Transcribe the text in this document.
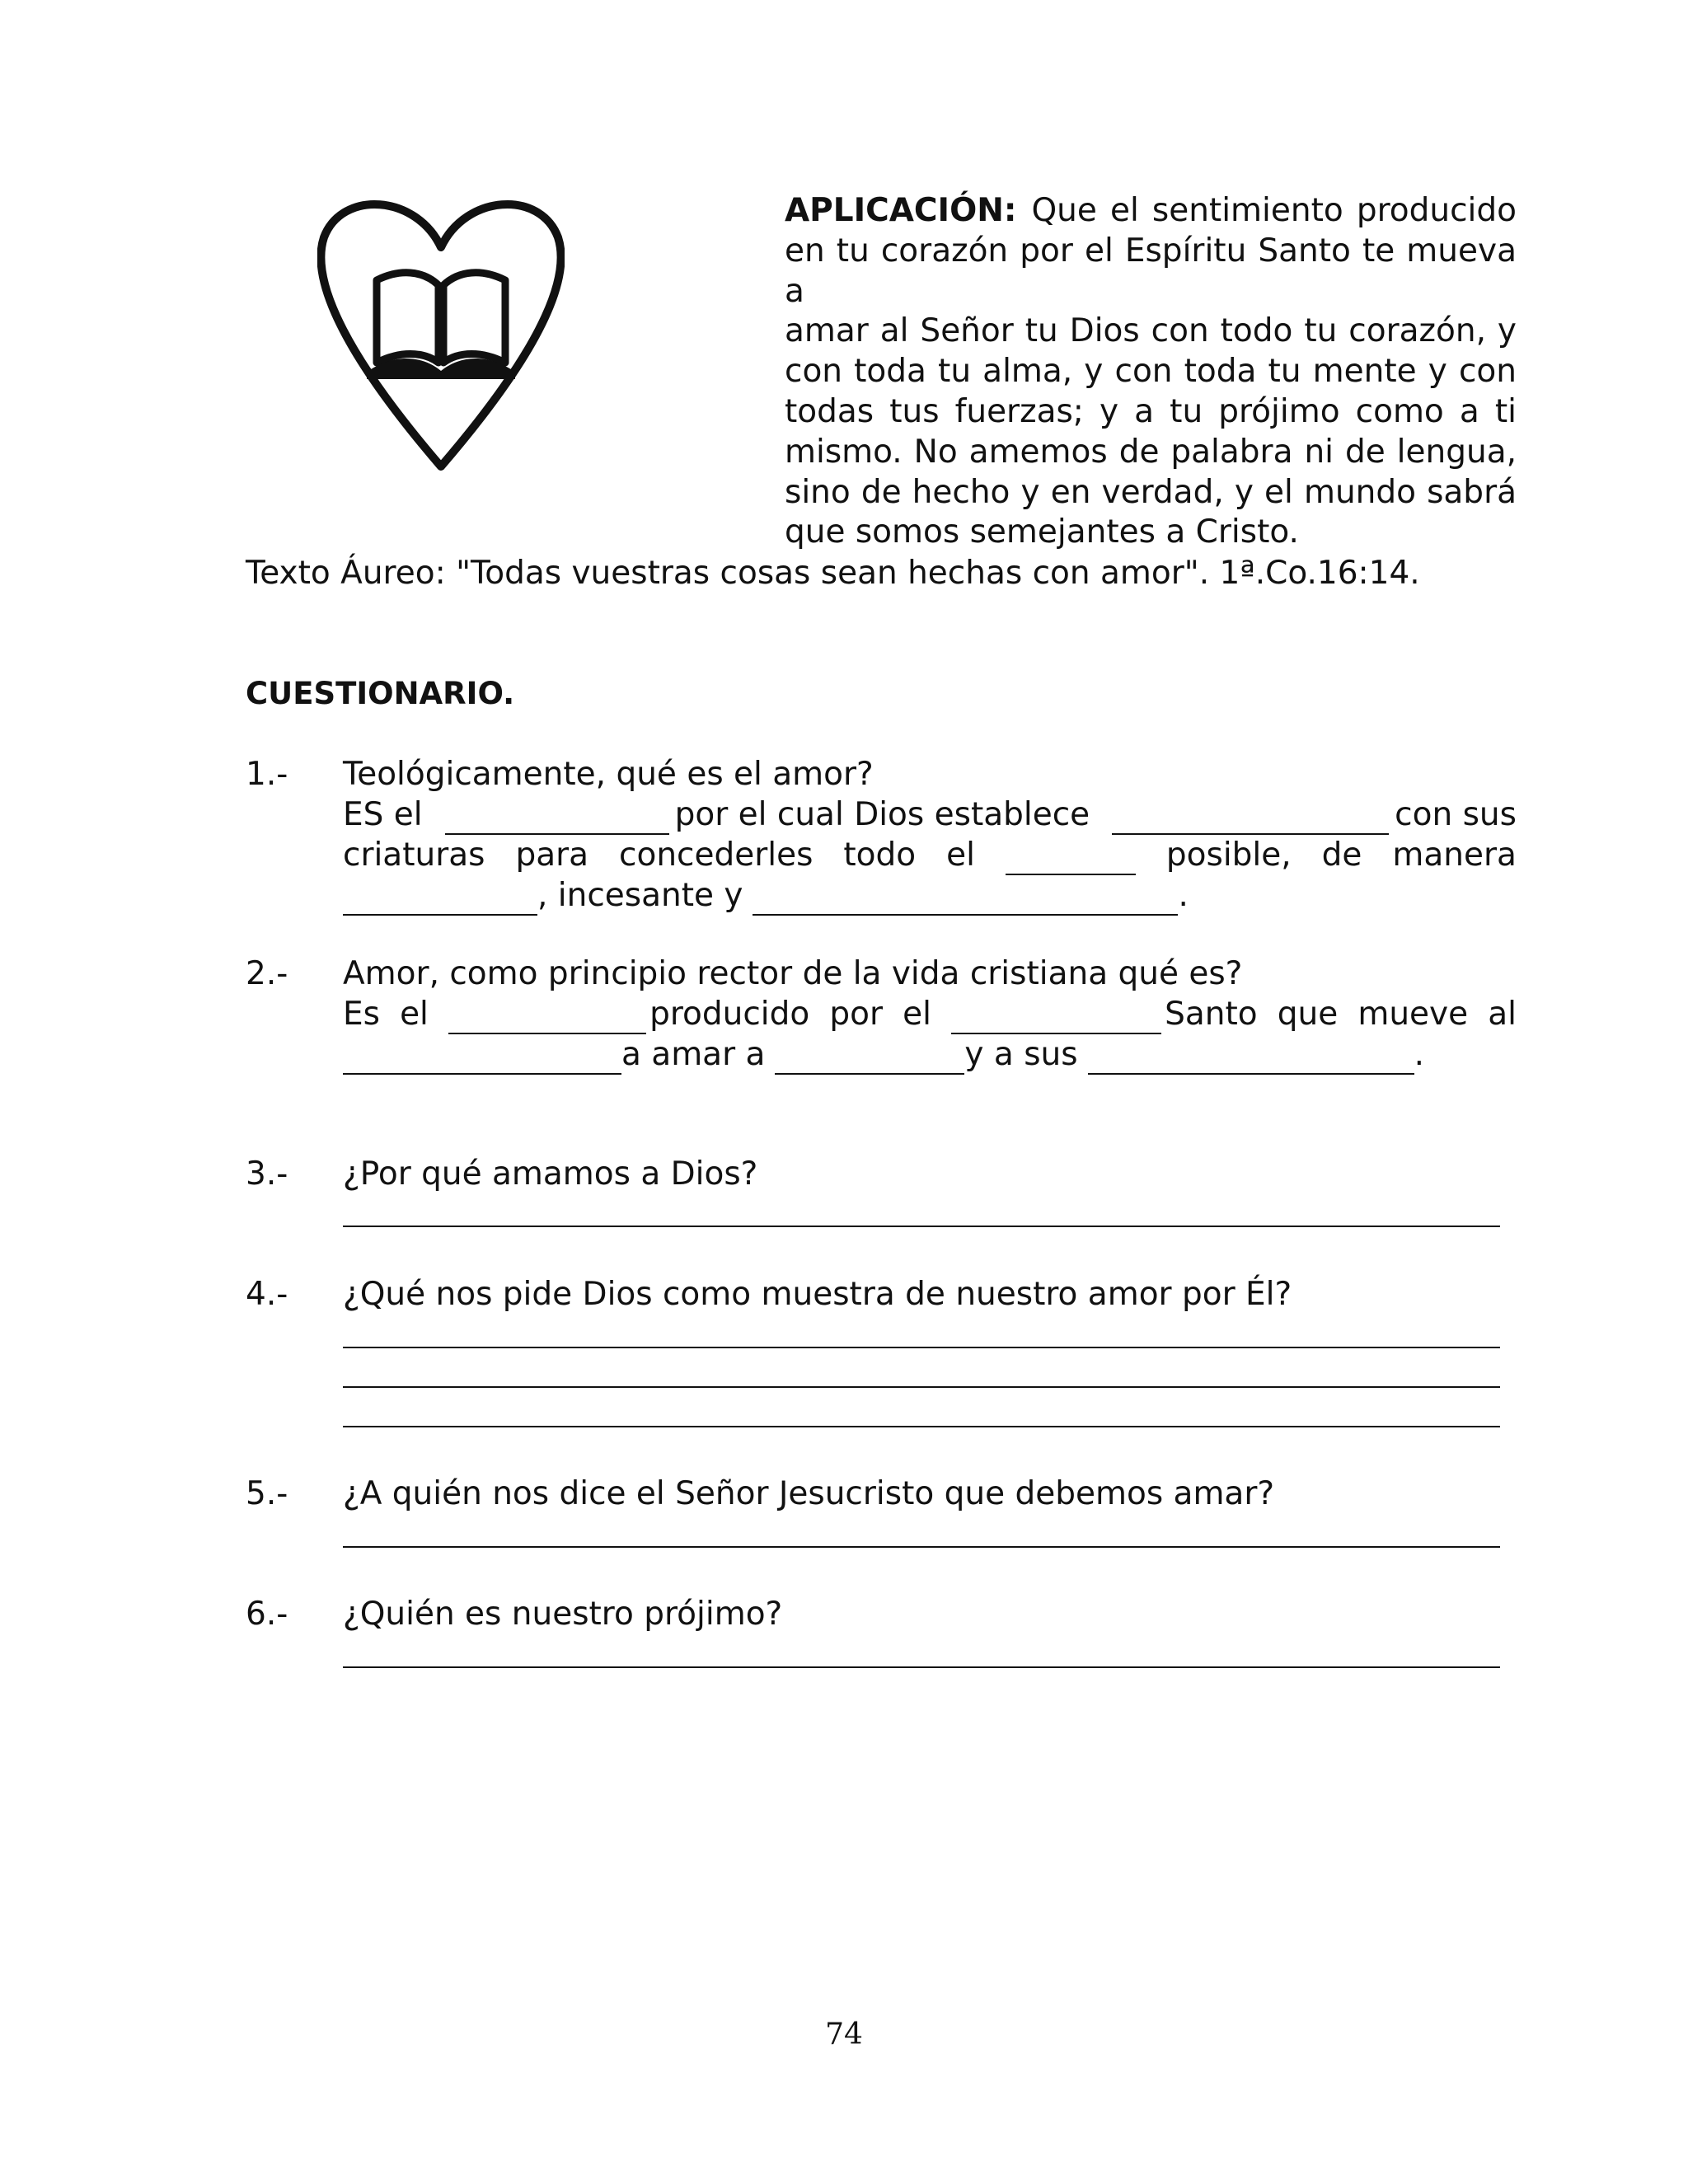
APLICACIÓN: Que el sentimiento producido
en tu corazón por el Espíritu Santo te mueva a
amar al Señor tu Dios con todo tu corazón, y
con toda tu alma, y con toda tu mente y con
todas tus fuerzas; y a tu prójimo como a ti
mismo. No amemos de palabra ni de lengua,
sino de hecho y en verdad, y el mundo sabrá
que somos semejantes a Cristo.
Texto Áureo: "Todas vuestras cosas sean hechas con amor". 1ª.Co.16:14.
CUESTIONARIO.
1.-	Teológicamente, qué es el amor?
ES el	por el cual Dios establece	con sus
criaturas para concederles todo el	posible, de manera
, incesante y	.
2.-	Amor, como principio rector de la vida cristiana qué es?
Es el	producido por el	Santo que mueve al
a amar a	y a sus	.
3.-	¿Por qué amamos a Dios?
4.-	¿Qué nos pide Dios como muestra de nuestro amor por Él?
5.-	¿A quién nos dice el Señor Jesucristo que debemos amar?
6.-	¿Quién es nuestro prójimo?
74
